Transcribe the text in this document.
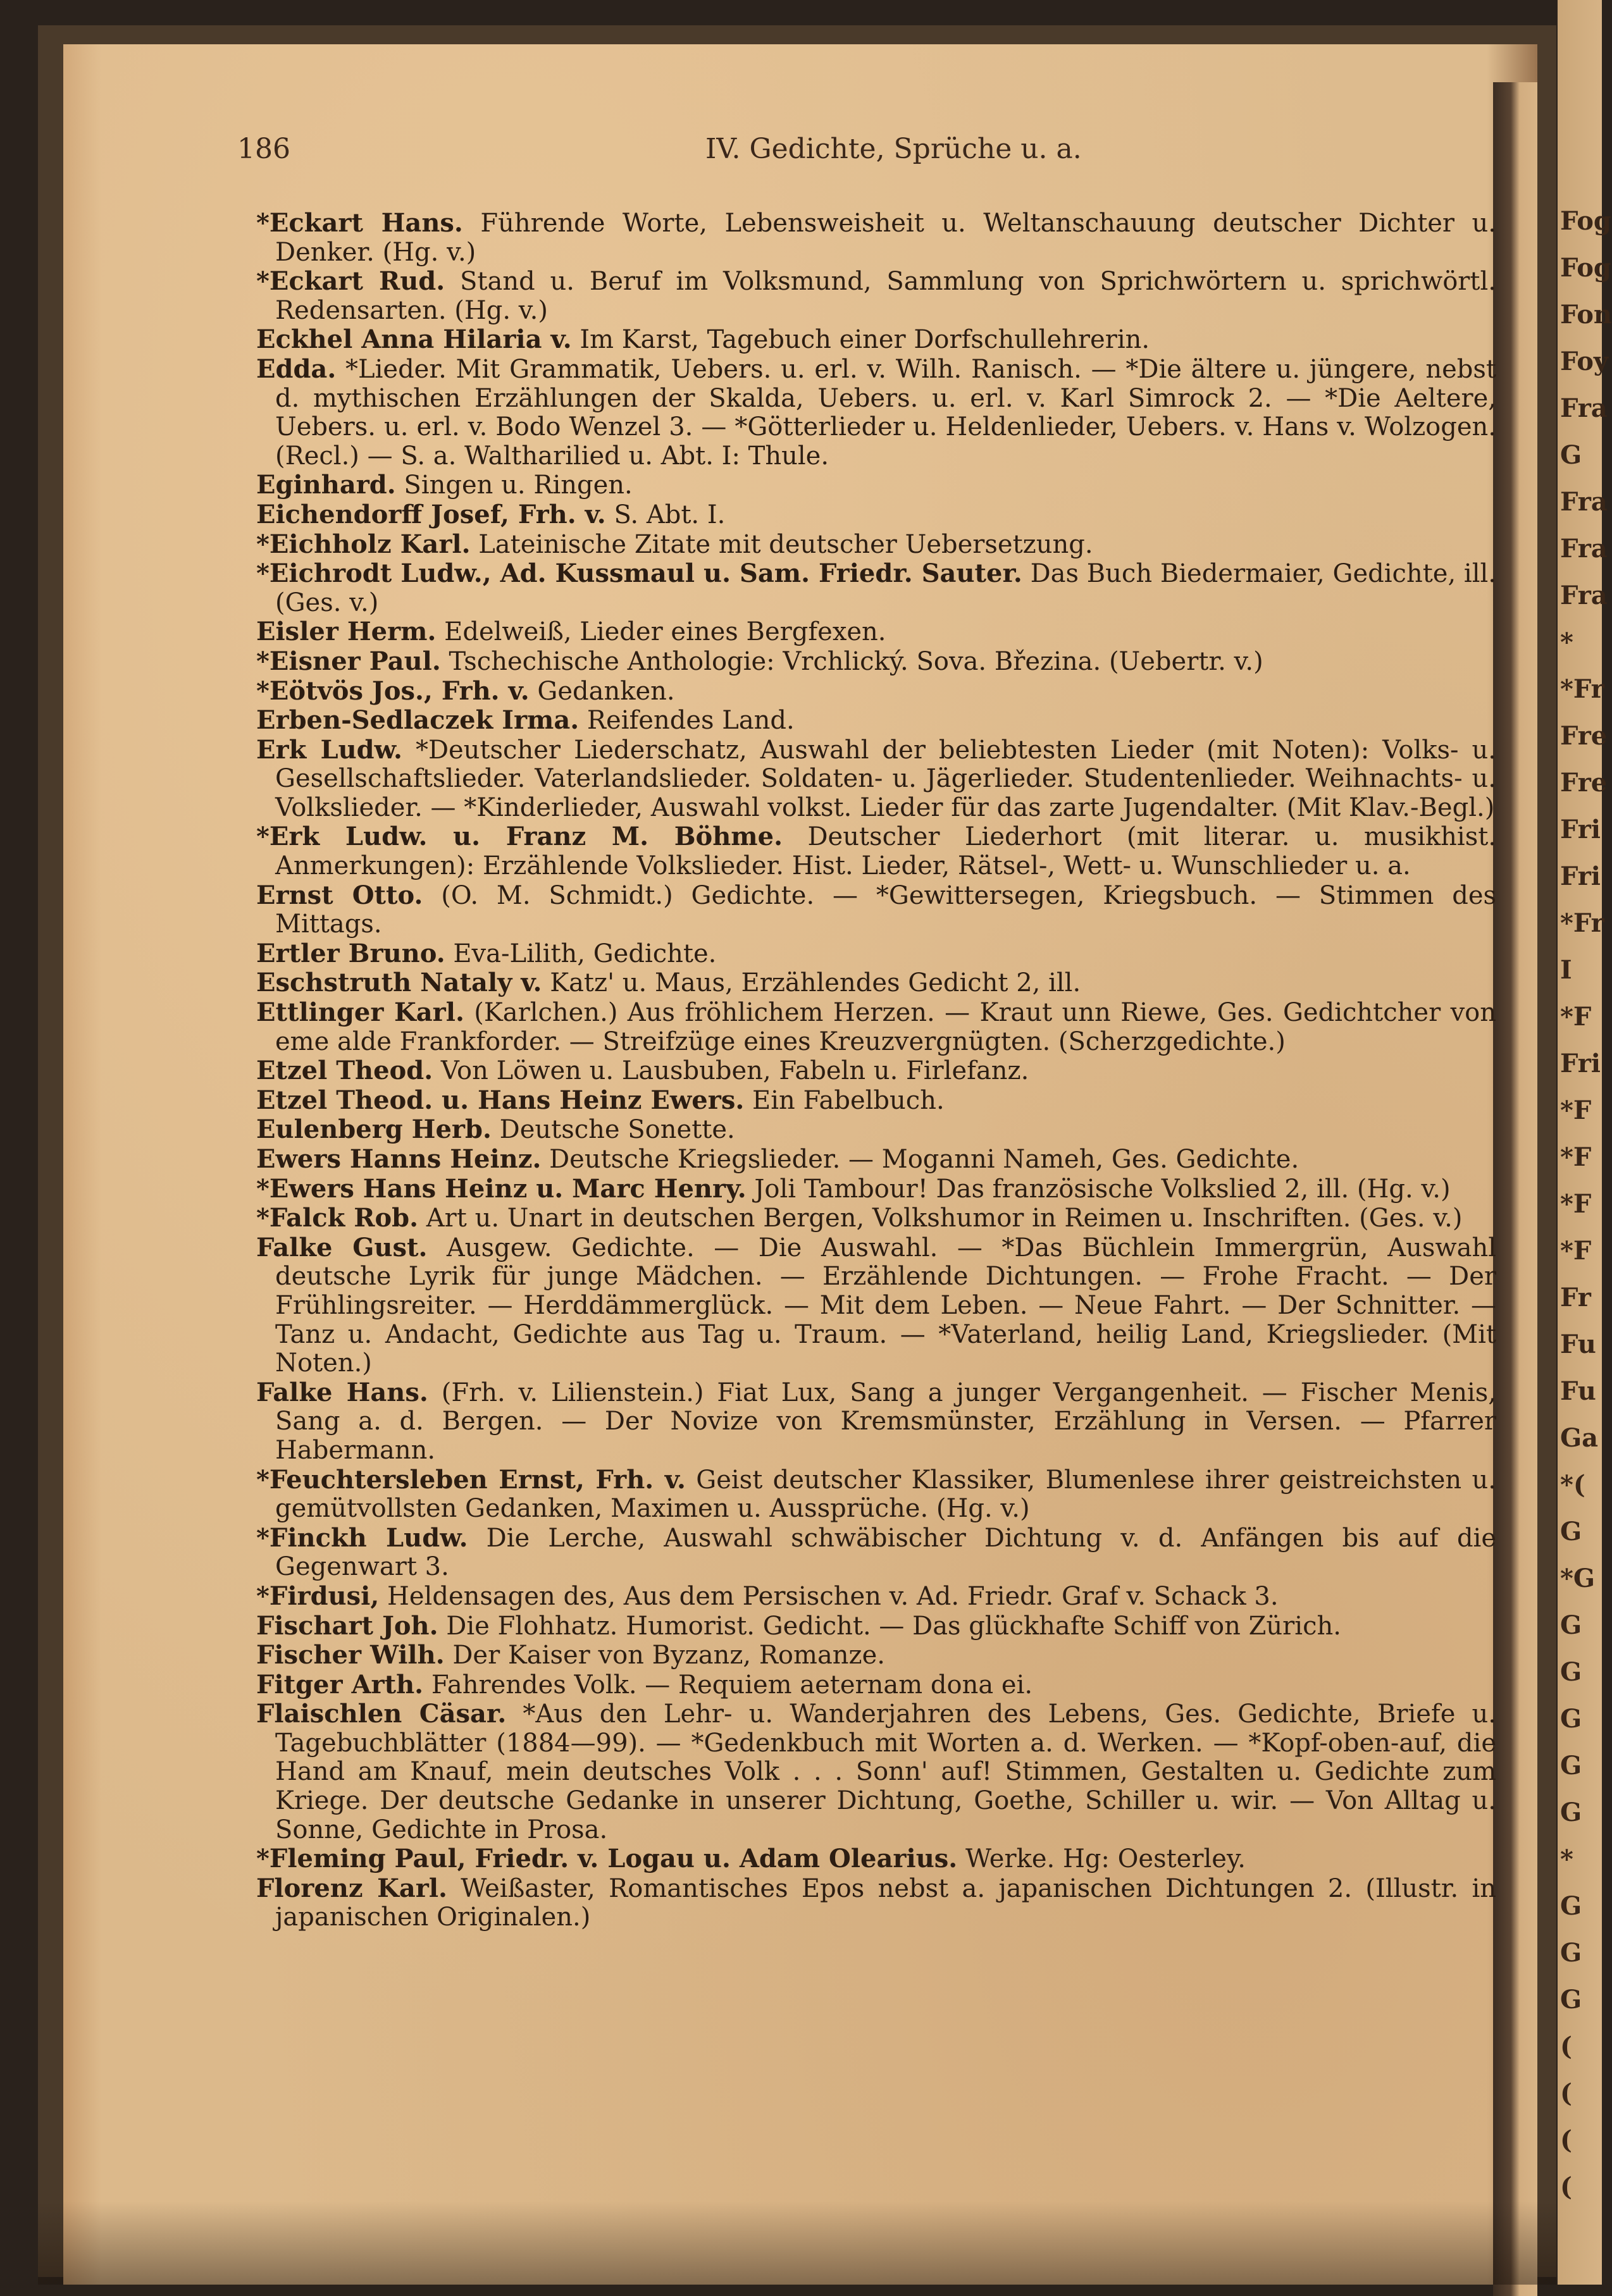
Fog
Fog
Fon
Foy
Fra
G
Fra
Fra
Fra
*
*Fr
Fre
Fre
Fri
Fri
*Fr
I
*F
Fri
*F
*F
*F
*F
Fr
Fu
Fu
Ga
*(
G
*G
G
G
G
G
G
*
G
G
G
(
(
(
(
186	IV. Gedichte, Sprüche u. a.
*Eckart Hans. Führende Worte, Lebensweisheit u. Weltanschauung deutscher Dichter u. Denker. (Hg. v.)
*Eckart Rud. Stand u. Beruf im Volksmund, Sammlung von Sprichwörtern u. sprichwörtl. Redensarten. (Hg. v.)
Eckhel Anna Hilaria v. Im Karst, Tagebuch einer Dorfschullehrerin.
Edda. *Lieder. Mit Grammatik, Uebers. u. erl. v. Wilh. Ranisch. — *Die ältere u. jüngere, nebst d. mythischen Erzählungen der Skalda, Uebers. u. erl. v. Karl Simrock 2. — *Die Aeltere, Uebers. u. erl. v. Bodo Wenzel 3. — *Götterlieder u. Heldenlieder, Uebers. v. Hans v. Wolzogen. (Recl.) — S. a. Waltharilied u. Abt. I: Thule.
Eginhard. Singen u. Ringen.
Eichendorff Josef, Frh. v. S. Abt. I.
*Eichholz Karl. Lateinische Zitate mit deutscher Uebersetzung.
*Eichrodt Ludw., Ad. Kussmaul u. Sam. Friedr. Sauter. Das Buch Biedermaier, Gedichte, ill. (Ges. v.)
Eisler Herm. Edelweiß, Lieder eines Bergfexen.
*Eisner Paul. Tschechische Anthologie: Vrchlický. Sova. Březina. (Uebertr. v.)
*Eötvös Jos., Frh. v. Gedanken.
Erben-Sedlaczek Irma. Reifendes Land.
Erk Ludw. *Deutscher Liederschatz, Auswahl der beliebtesten Lieder (mit Noten): Volks- u. Gesellschaftslieder. Vaterlandslieder. Soldaten- u. Jägerlieder. Studentenlieder. Weihnachts- u. Volkslieder. — *Kinderlieder, Auswahl volkst. Lieder für das zarte Jugendalter. (Mit Klav.-Begl.)
*Erk Ludw. u. Franz M. Böhme. Deutscher Liederhort (mit literar. u. musikhist. Anmerkungen): Erzählende Volkslieder. Hist. Lieder, Rätsel-, Wett- u. Wunschlieder u. a.
Ernst Otto. (O. M. Schmidt.) Gedichte. — *Gewittersegen, Kriegsbuch. — Stimmen des Mittags.
Ertler Bruno. Eva-Lilith, Gedichte.
Eschstruth Nataly v. Katz' u. Maus, Erzählendes Gedicht 2, ill.
Ettlinger Karl. (Karlchen.) Aus fröhlichem Herzen. — Kraut unn Riewe, Ges. Gedichtcher von eme alde Frankforder. — Streifzüge eines Kreuzvergnügten. (Scherzgedichte.)
Etzel Theod. Von Löwen u. Lausbuben, Fabeln u. Firlefanz.
Etzel Theod. u. Hans Heinz Ewers. Ein Fabelbuch.
Eulenberg Herb. Deutsche Sonette.
Ewers Hanns Heinz. Deutsche Kriegslieder. — Moganni Nameh, Ges. Gedichte.
*Ewers Hans Heinz u. Marc Henry. Joli Tambour! Das französische Volkslied 2, ill. (Hg. v.)
*Falck Rob. Art u. Unart in deutschen Bergen, Volkshumor in Reimen u. Inschriften. (Ges. v.)
Falke Gust. Ausgew. Gedichte. — Die Auswahl. — *Das Büchlein Immergrün, Auswahl deutsche Lyrik für junge Mädchen. — Erzählende Dichtungen. — Frohe Fracht. — Der Frühlingsreiter. — Herddämmerglück. — Mit dem Leben. — Neue Fahrt. — Der Schnitter. — Tanz u. Andacht, Gedichte aus Tag u. Traum. — *Vaterland, heilig Land, Kriegslieder. (Mit Noten.)
Falke Hans. (Frh. v. Lilienstein.) Fiat Lux, Sang a junger Vergangenheit. — Fischer Menis, Sang a. d. Bergen. — Der Novize von Kremsmünster, Erzählung in Versen. — Pfarrer Habermann.
*Feuchtersleben Ernst, Frh. v. Geist deutscher Klassiker, Blumenlese ihrer geistreichsten u. gemütvollsten Gedanken, Maximen u. Aussprüche. (Hg. v.)
*Finckh Ludw. Die Lerche, Auswahl schwäbischer Dichtung v. d. Anfängen bis auf die Gegenwart 3.
*Firdusi, Heldensagen des, Aus dem Persischen v. Ad. Friedr. Graf v. Schack 3.
Fischart Joh. Die Flohhatz. Humorist. Gedicht. — Das glückhafte Schiff von Zürich.
Fischer Wilh. Der Kaiser von Byzanz, Romanze.
Fitger Arth. Fahrendes Volk. — Requiem aeternam dona ei.
Flaischlen Cäsar. *Aus den Lehr- u. Wanderjahren des Lebens, Ges. Gedichte, Briefe u. Tagebuchblätter (1884—99). — *Gedenkbuch mit Worten a. d. Werken. — *Kopf-oben-auf, die Hand am Knauf, mein deutsches Volk . . . Sonn' auf! Stimmen, Gestalten u. Gedichte zum Kriege. Der deutsche Gedanke in unserer Dichtung, Goethe, Schiller u. wir. — Von Alltag u. Sonne, Gedichte in Prosa.
*Fleming Paul, Friedr. v. Logau u. Adam Olearius. Werke. Hg: Oesterley.
Florenz Karl. Weißaster, Romantisches Epos nebst a. japanischen Dichtungen 2. (Illustr. in japanischen Originalen.)
